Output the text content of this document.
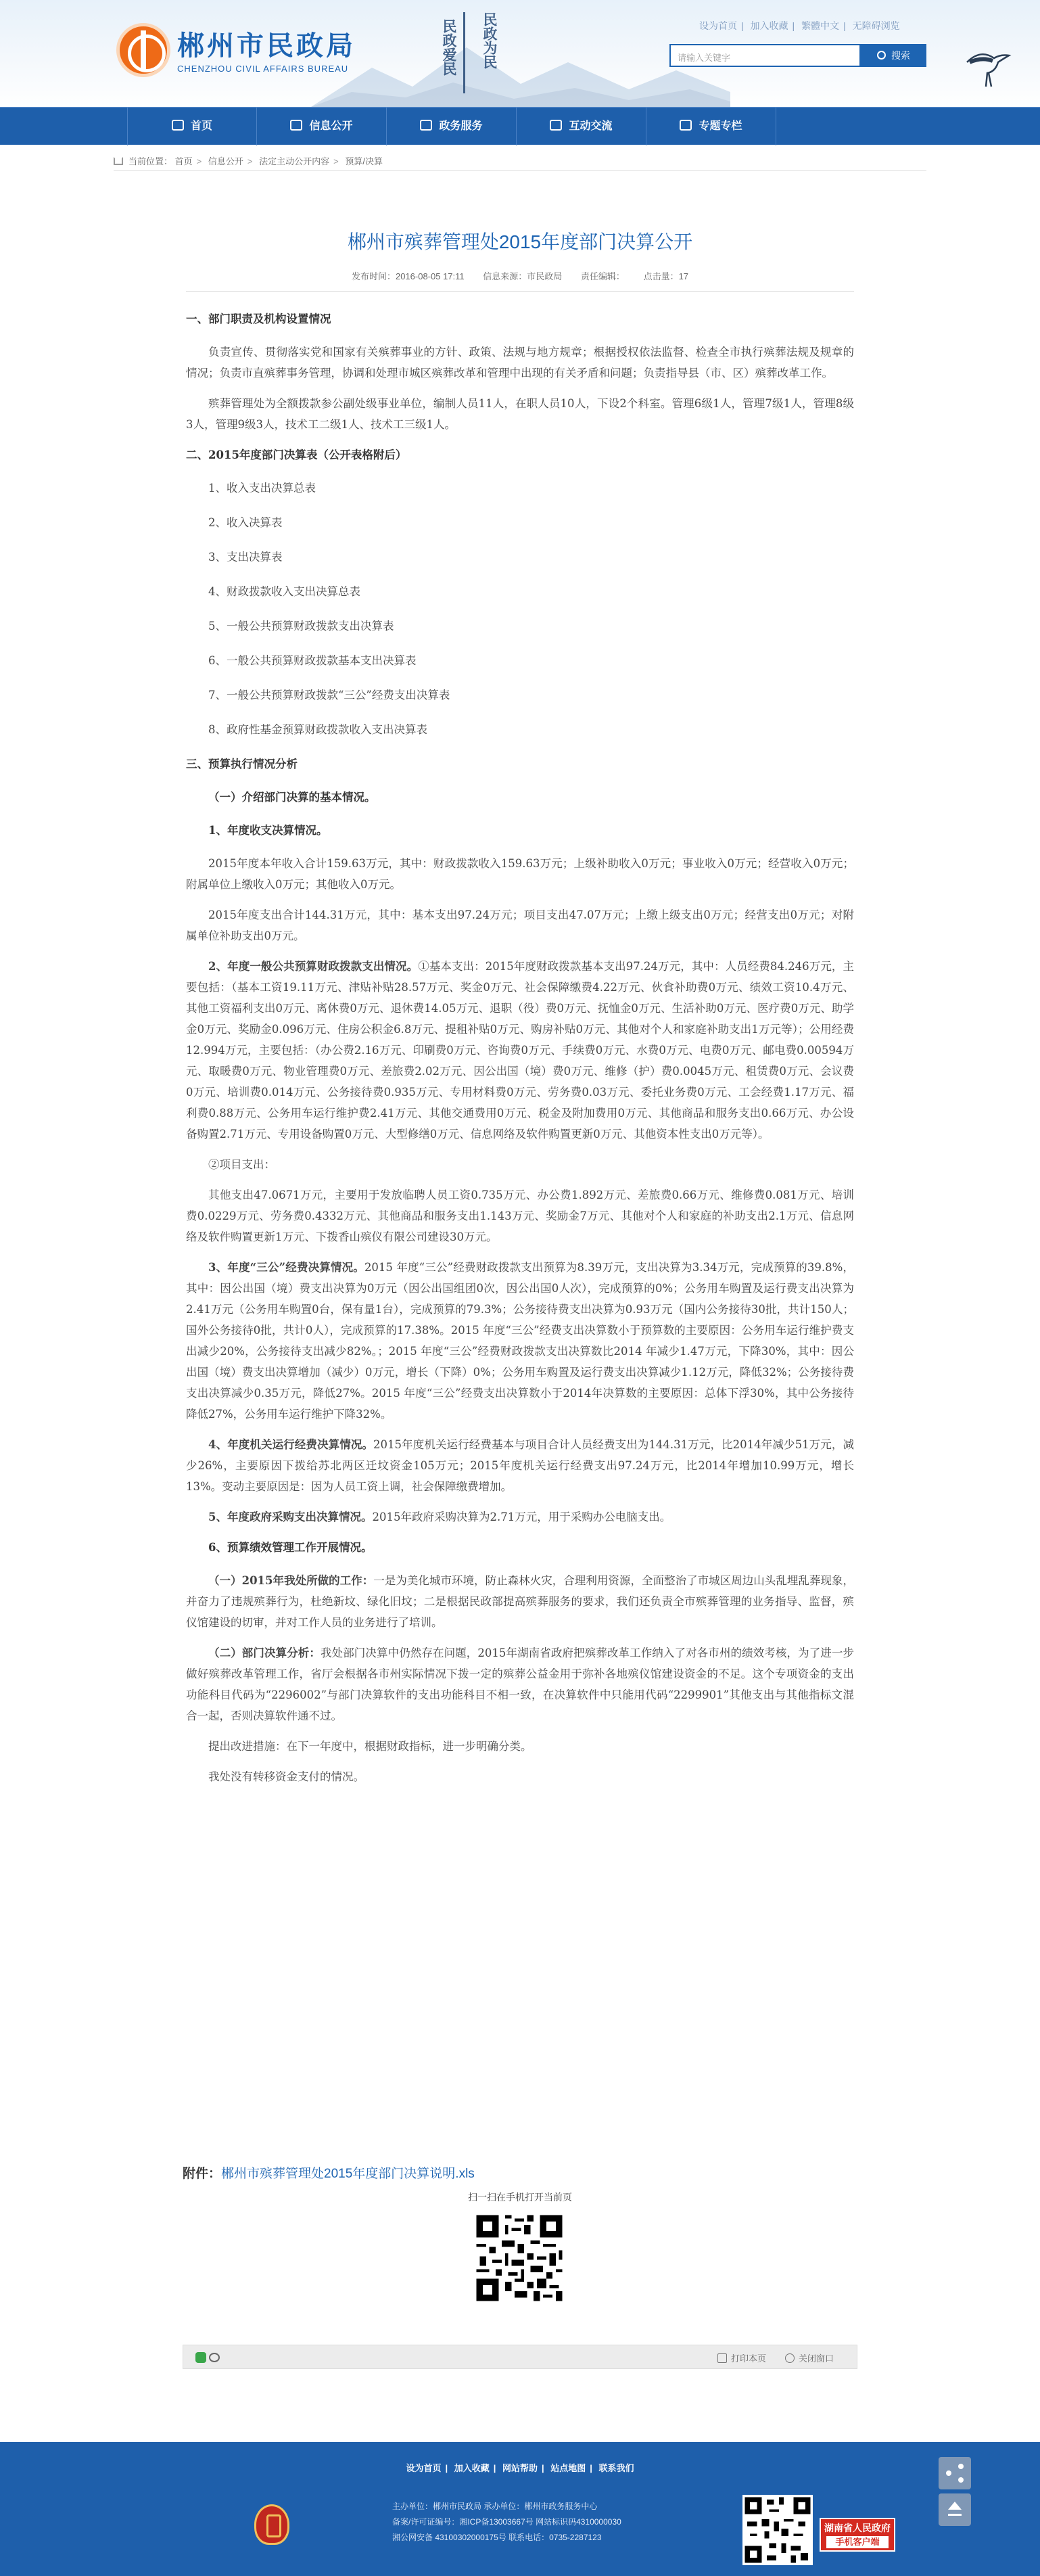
郴州市民政局
CHENZHOU CIVIL AFFAIRS BUREAU	民政为民
民政爱民	设为首页 | 加入收藏 | 繁體中文 | 无障碍浏览
请输入关键字	搜索
首页	信息公开	政务服务	互动交流	专题专栏
当前位置： 首页 > 信息公开 > 法定主动公开内容 > 预算/决算
郴州市殡葬管理处2015年度部门决算公开
发布时间：2016-08-05 17:11 信息来源：市民政局 责任编辑： 点击量：17
一、部门职责及机构设置情况
负责宣传、贯彻落实党和国家有关殡葬事业的方针、政策、法规与地方规章；根据授权依法监督、检查全市执行殡葬法规及规章的情况；负责市直殡葬事务管理，协调和处理市城区殡葬改革和管理中出现的有关矛盾和问题；负责指导县（市、区）殡葬改革工作。
殡葬管理处为全额拨款参公副处级事业单位，编制人员11人，在职人员10人，下设2个科室。管理6级1人，管理7级1人，管理8级3人，管理9级3人，技术工二级1人、技术工三级1人。
二、2015年度部门决算表（公开表格附后）
1、收入支出决算总表
2、收入决算表
3、支出决算表
4、财政拨款收入支出决算总表
5、一般公共预算财政拨款支出决算表
6、一般公共预算财政拨款基本支出决算表
7、一般公共预算财政拨款“三公”经费支出决算表
8、政府性基金预算财政拨款收入支出决算表
三、预算执行情况分析
（一）介绍部门决算的基本情况。
1、年度收支决算情况。
2015年度本年收入合计159.63万元，其中：财政拨款收入159.63万元；上级补助收入0万元；事业收入0万元；经营收入0万元；附属单位上缴收入0万元；其他收入0万元。
2015年度支出合计144.31万元，其中：基本支出97.24万元；项目支出47.07万元；上缴上级支出0万元；经营支出0万元；对附属单位补助支出0万元。
2、年度一般公共预算财政拨款支出情况。①基本支出：2015年度财政拨款基本支出97.24万元，其中：人员经费84.246万元，主要包括：（基本工资19.11万元、津贴补贴28.57万元、奖金0万元、社会保障缴费4.22万元、伙食补助费0万元、绩效工资10.4万元、其他工资福利支出0万元、离休费0万元、退休费14.05万元、退职（役）费0万元、抚恤金0万元、生活补助0万元、医疗费0万元、助学金0万元、奖励金0.096万元、住房公积金6.8万元、提租补贴0万元、购房补贴0万元、其他对个人和家庭补助支出1万元等）；公用经费12.994万元，主要包括：（办公费2.16万元、印刷费0万元、咨询费0万元、手续费0万元、水费0万元、电费0万元、邮电费0.00594万元、取暖费0万元、物业管理费0万元、差旅费2.02万元、因公出国（境）费0万元、维修（护）费0.0045万元、租赁费0万元、会议费0万元、培训费0.014万元、公务接待费0.935万元、专用材料费0万元、劳务费0.03万元、委托业务费0万元、工会经费1.17万元、福利费0.88万元、公务用车运行维护费2.41万元、其他交通费用0万元、税金及附加费用0万元、其他商品和服务支出0.66万元、办公设备购置2.71万元、专用设备购置0万元、大型修缮0万元、信息网络及软件购置更新0万元、其他资本性支出0万元等）。
②项目支出：
其他支出47.0671万元，主要用于发放临聘人员工资0.735万元、办公费1.892万元、差旅费0.66万元、维修费0.081万元、培训费0.0229万元、劳务费0.4332万元、其他商品和服务支出1.143万元、奖励金7万元、其他对个人和家庭的补助支出2.1万元、信息网络及软件购置更新1万元、下拨香山殡仪有限公司建设30万元。
3、年度“三公”经费决算情况。2015 年度“三公”经费财政拨款支出预算为8.39万元，支出决算为3.34万元，完成预算的39.8%，其中：因公出国（境）费支出决算为0万元（因公出国组团0次，因公出国0人次），完成预算的0%；公务用车购置及运行费支出决算为2.41万元（公务用车购置0台，保有量1台），完成预算的79.3%；公务接待费支出决算为0.93万元（国内公务接待30批，共计150人；国外公务接待0批，共计0人），完成预算的17.38%。2015 年度“三公”经费支出决算数小于预算数的主要原因：公务用车运行维护费支出减少20%，公务接待支出减少82%。；2015 年度“三公”经费财政拨款支出决算数比2014 年减少1.47万元，下降30%，其中：因公出国（境）费支出决算增加（减少）0万元，增长（下降）0%；公务用车购置及运行费支出决算减少1.12万元，降低32%；公务接待费支出决算减少0.35万元，降低27%。2015 年度“三公”经费支出决算数小于2014年决算数的主要原因：总体下浮30%，其中公务接待降低27%，公务用车运行维护下降32%。
4、年度机关运行经费决算情况。2015年度机关运行经费基本与项目合计人员经费支出为144.31万元，比2014年减少51万元，减少26%，主要原因下拨给苏北两区迁坟资金105万元；2015年度机关运行经费支出97.24万元，比2014年增加10.99万元，增长13%。变动主要原因是：因为人员工资上调，社会保障缴费增加。
5、年度政府采购支出决算情况。2015年政府采购决算为2.71万元，用于采购办公电脑支出。
6、预算绩效管理工作开展情况。
（一）2015年我处所做的工作：一是为美化城市环境，防止森林火灾，合理利用资源，全面整治了市城区周边山头乱埋乱葬现象，并奋力了违规殡葬行为，杜绝新坟、绿化旧坟；二是根据民政部提高殡葬服务的要求，我们还负责全市殡葬管理的业务指导、监督，殡仪馆建设的切审，并对工作人员的业务进行了培训。
（二）部门决算分析：我处部门决算中仍然存在问题，2015年湖南省政府把殡葬改革工作纳入了对各市州的绩效考核，为了进一步做好殡葬改革管理工作，省厅会根据各市州实际情况下拨一定的殡葬公益金用于弥补各地殡仪馆建设资金的不足。这个专项资金的支出功能科目代码为“2296002”与部门决算软件的支出功能科目不相一致，在决算软件中只能用代码“2299901”其他支出与其他指标文混合一起，否则决算软件通不过。
提出改进措施：在下一年度中，根据财政指标，进一步明确分类。
我处没有转移资金支付的情况。
附件：郴州市殡葬管理处2015年度部门决算说明.xls
扫一扫在手机打开当前页
打印本页	关闭窗口
设为首页 | 加入收藏 | 网站帮助 | 站点地图 | 联系我们
主办单位：郴州市民政局 承办单位：郴州市政务服务中心
备案/许可证编号：湘ICP备13003667号 网站标识码4310000030
湘公网安备 43100302000175号 联系电话：0735-2287123
湖南省人民政府
手机客户端
